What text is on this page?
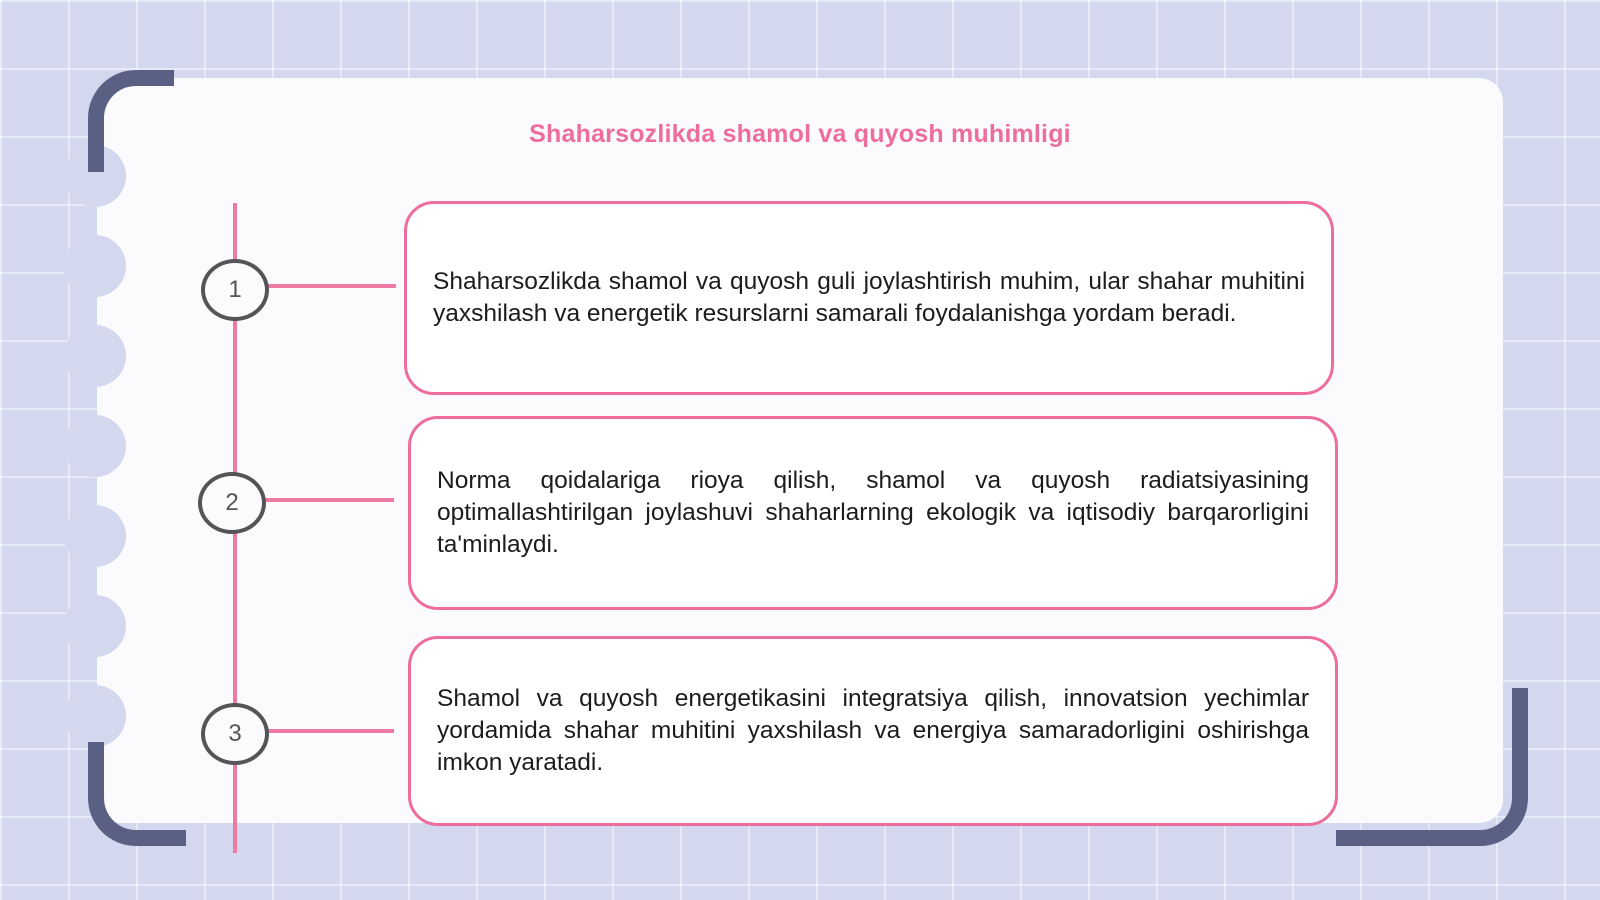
Shaharsozlikda shamol va quyosh muhimligi
1	Shaharsozlikda shamol va quyosh guli joylashtirish muhim, ular shahar muhitini yaxshilash va energetik resurslarni samarali foydalanishga yordam beradi.
2
Norma qoidalariga rioya qilish, shamol va quyosh radiatsiyasining optimallashtirilgan joylashuvi shaharlarning ekologik va iqtisodiy barqarorligini ta'minlaydi.
3
Shamol va quyosh energetikasini integratsiya qilish, innovatsion yechimlar yordamida shahar muhitini yaxshilash va energiya samaradorligini oshirishga imkon yaratadi.
